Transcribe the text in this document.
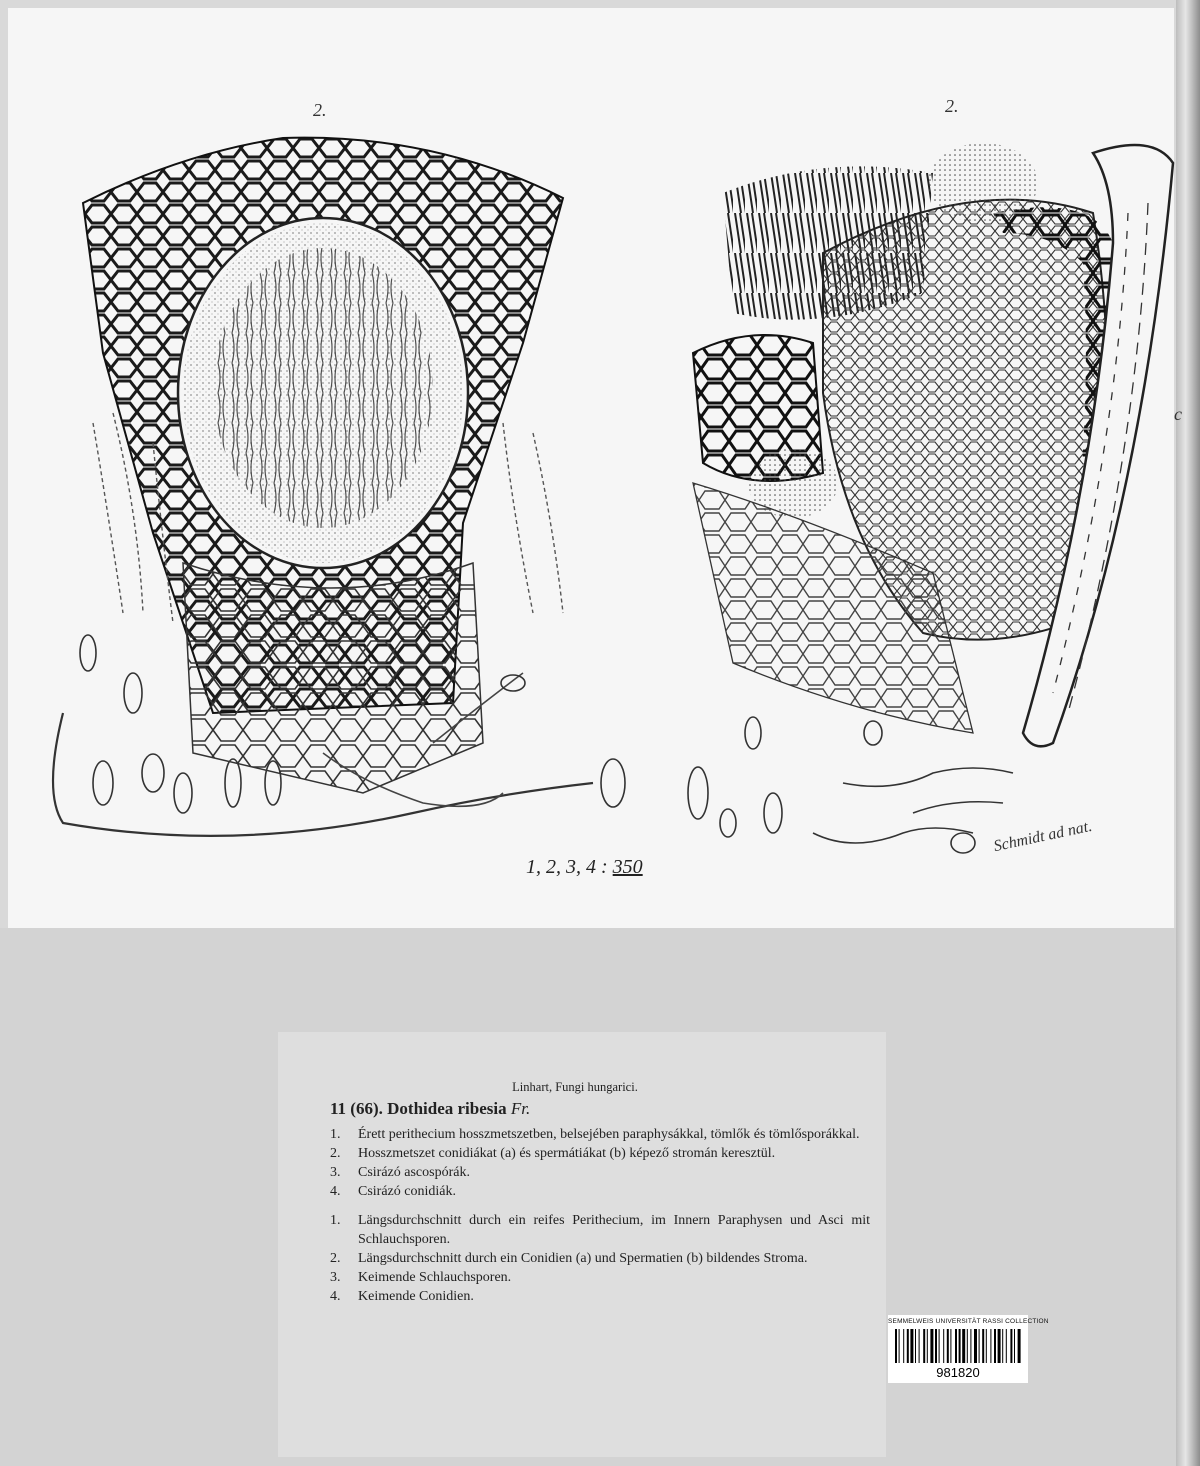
2.	2.
1, 2, 3, 4 : 350
c
Schmidt ad nat.
Linhart, Fungi hungarici.
11 (66). Dothidea ribesia Fr.
1. Érett perithecium hosszmetszetben, belsejében paraphysákkal, tömlők és tömlősporákkal.
2. Hosszmetszet conidiákat (a) és spermátiákat (b) képező stromán keresztül.
3. Csirázó ascospórák.
4. Csirázó conidiák.
1. Längsdurchschnitt durch ein reifes Perithecium, im Innern Paraphysen und Asci mit Schlauchsporen.
2. Längsdurchschnitt durch ein Conidien (a) und Spermatien (b) bildendes Stroma.
3. Keimende Schlauchsporen.
4. Keimende Conidien.
SEMMELWEIS UNIVERSITÄT RASSI COLLECTION
981820
